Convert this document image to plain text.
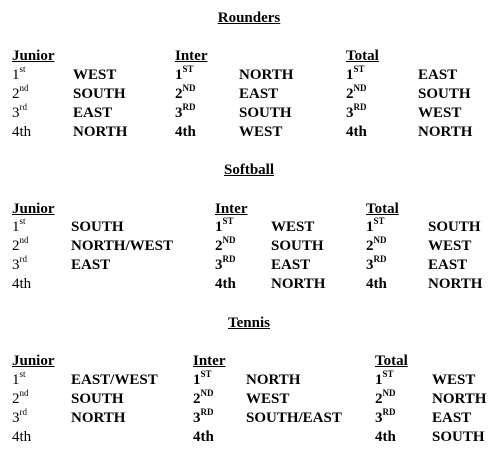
Rounders
Junior
1st	WEST
2nd	SOUTH
3rd	EAST
4th	NORTH
Inter
1ST	NORTH
2ND	EAST
3RD	SOUTH
4th	WEST
Total
1ST	EAST
2ND	SOUTH
3RD	WEST
4th	NORTH
Softball
Junior
1st	SOUTH
2nd	NORTH/WEST
3rd	EAST
4th
Inter
1ST WEST
2ND SOUTH
3RD EAST
4th NORTH
Total
1ST	SOUTH
2ND	WEST
3RD	EAST
4th	NORTH
Tennis
Junior
1st	EAST/WEST
2nd	SOUTH
3rd	NORTH
4th
Inter
1ST NORTH
2ND WEST
3RD SOUTH/EAST
4th
Total
1ST	WEST
2ND NORTH
3RD EAST
4th SOUTH
